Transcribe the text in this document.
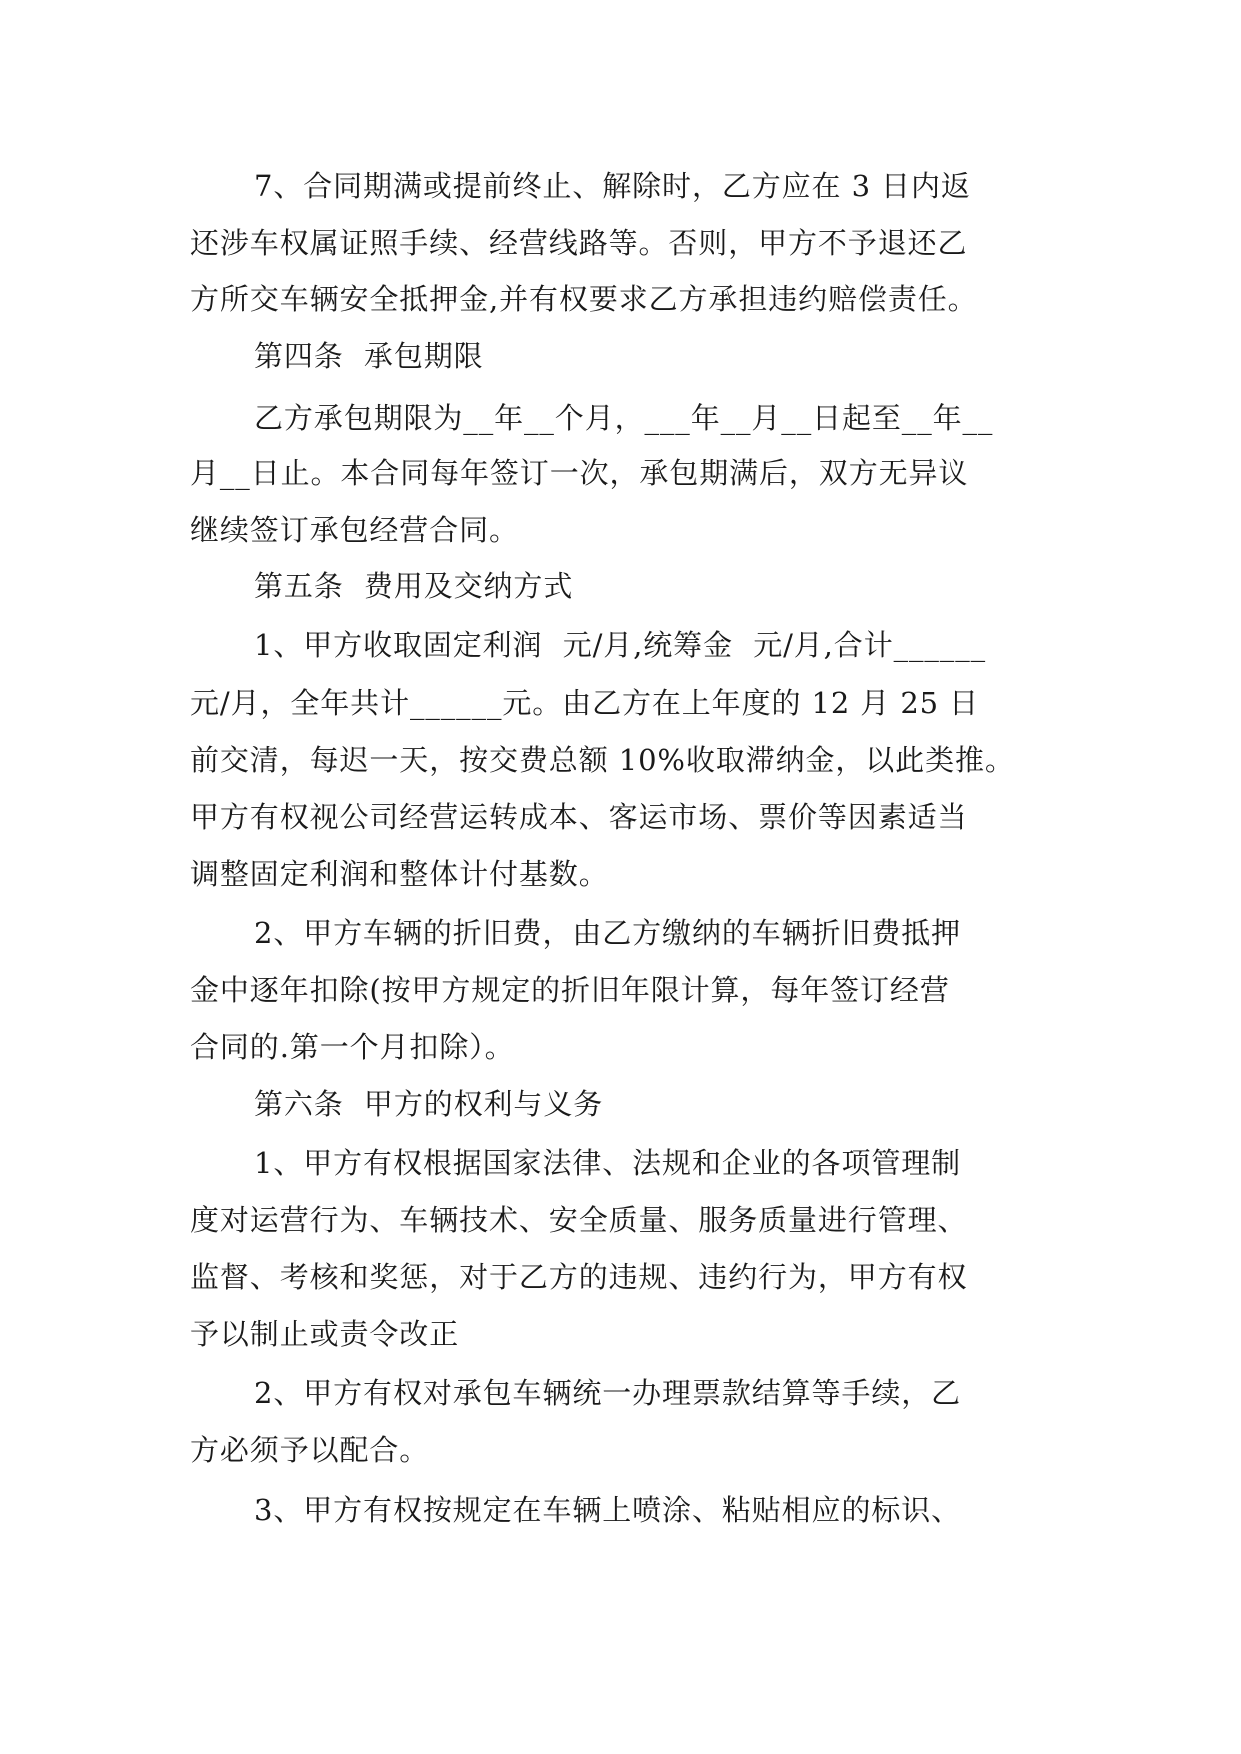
7、合同期满或提前终止、解除时，乙方应在 3 日内返
还涉车权属证照手续、经营线路等。否则，甲方不予退还乙
方所交车辆安全抵押金,并有权要求乙方承担违约赔偿责任。
第四条  承包期限
乙方承包期限为__年__个月，___年__月__日起至__年__
月__日止。本合同每年签订一次，承包期满后，双方无异议
继续签订承包经营合同。
第五条  费用及交纳方式
1、甲方收取固定利润  元/月,统筹金  元/月,合计______
元/月，全年共计______元。由乙方在上年度的 12 月 25 日
前交清，每迟一天，按交费总额 10%收取滞纳金，以此类推。
甲方有权视公司经营运转成本、客运市场、票价等因素适当
调整固定利润和整体计付基数。
2、甲方车辆的折旧费，由乙方缴纳的车辆折旧费抵押
金中逐年扣除(按甲方规定的折旧年限计算，每年签订经营
合同的.第一个月扣除）。
第六条  甲方的权利与义务
1、甲方有权根据国家法律、法规和企业的各项管理制
度对运营行为、车辆技术、安全质量、服务质量进行管理、
监督、考核和奖惩，对于乙方的违规、违约行为，甲方有权
予以制止或责令改正
2、甲方有权对承包车辆统一办理票款结算等手续，乙
方必须予以配合。
3、甲方有权按规定在车辆上喷涂、粘贴相应的标识、
